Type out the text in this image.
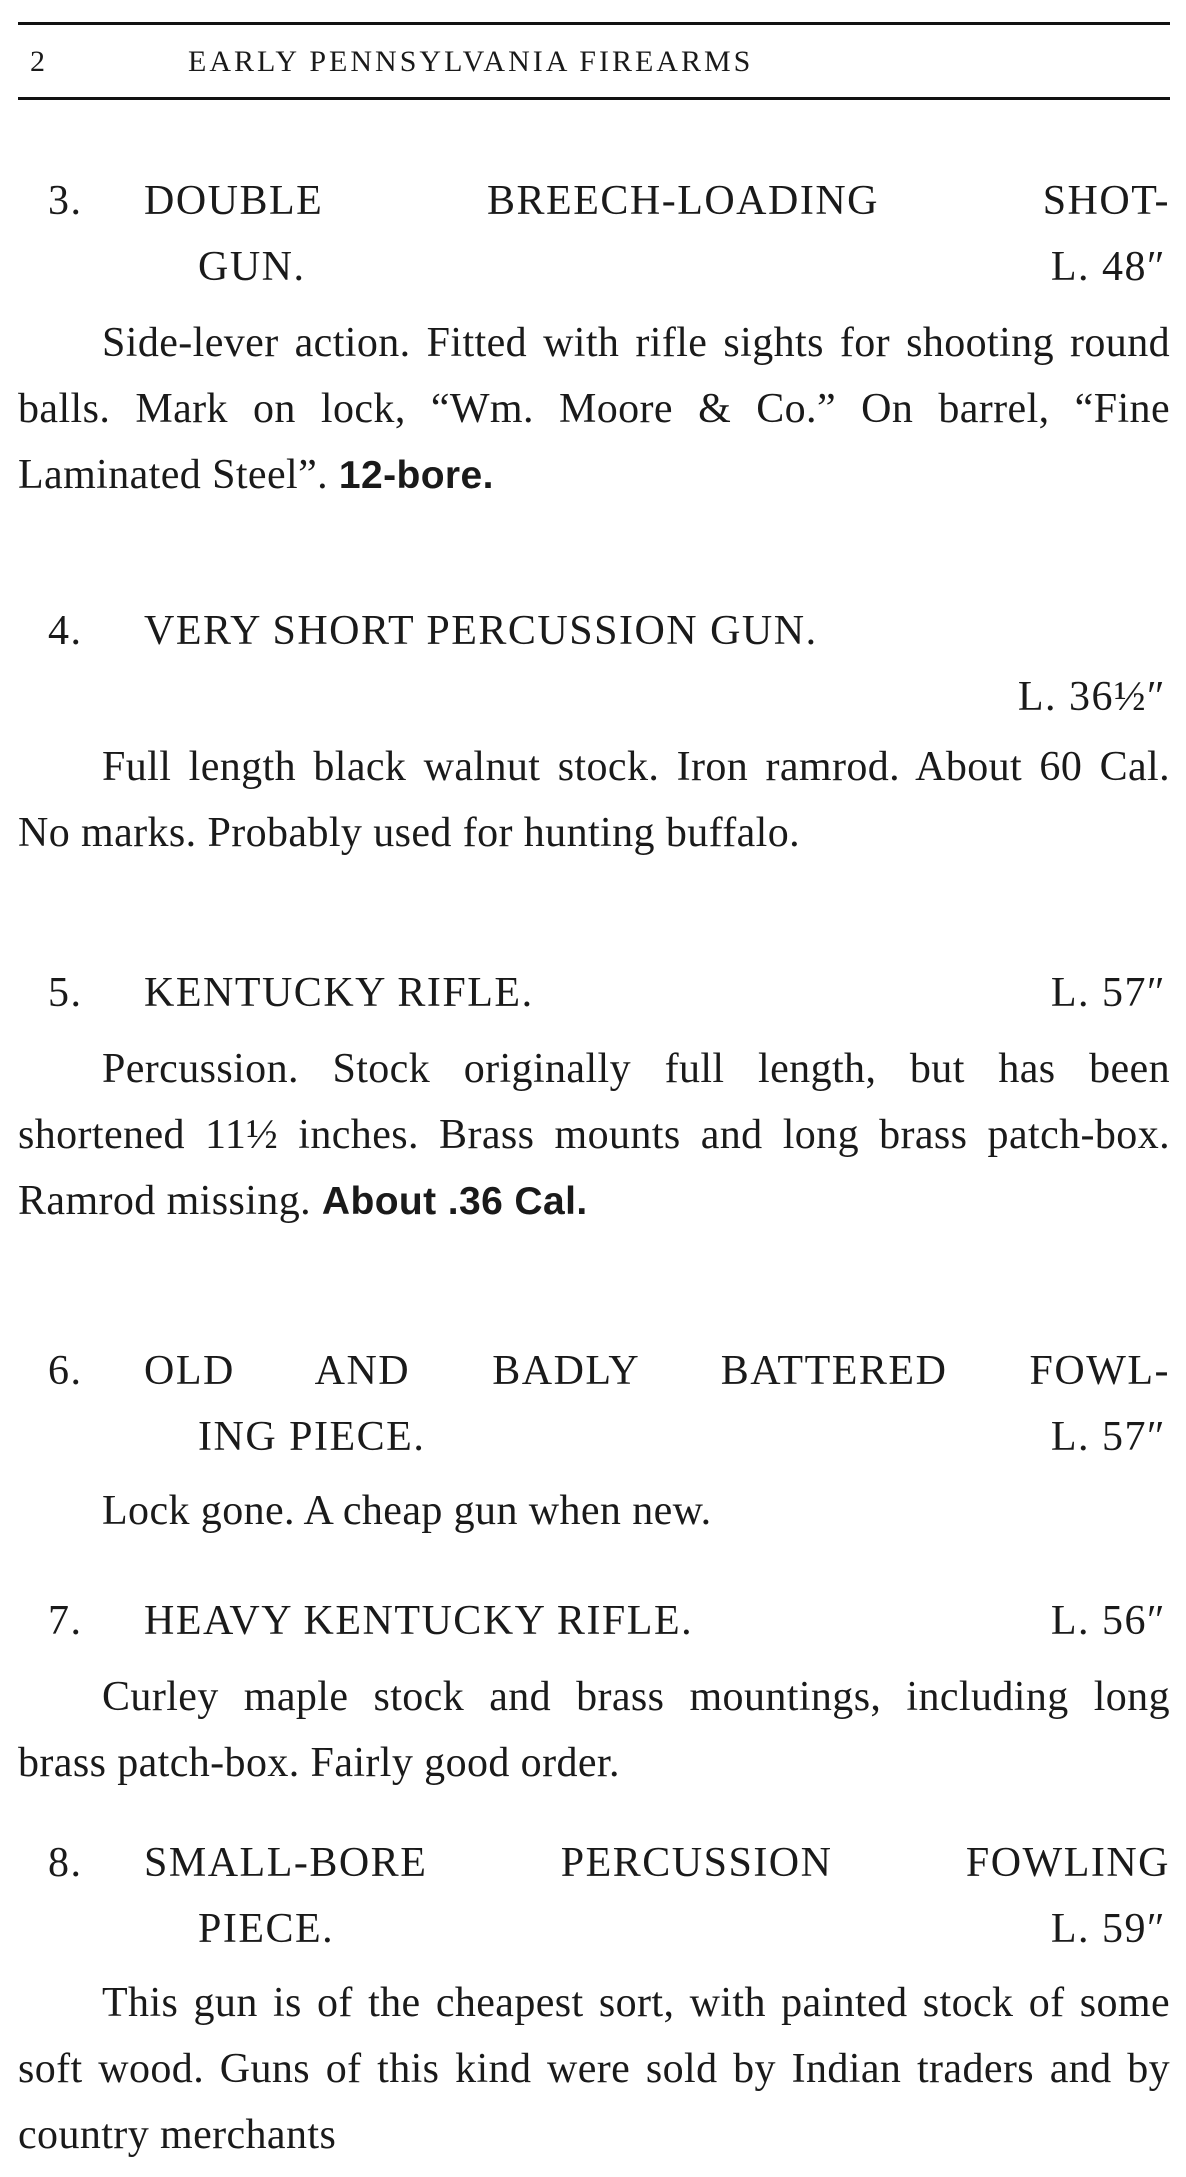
2	EARLY PENNSYLVANIA FIREARMS
3. DOUBLE BREECH-LOADING SHOT-
GUN.	L. 48″

Side-lever action. Fitted with rifle sights for shooting round balls. Mark on lock, “Wm. Moore & Co.” On barrel, “Fine Laminated Steel”. 12-bore.

4. VERY SHORT PERCUSSION GUN.
L. 36½″

Full length black walnut stock. Iron ramrod. About 60 Cal. No marks. Probably used for hunting buffalo.

5. KENTUCKY RIFLE.	L. 57″

Percussion. Stock originally full length, but has been shortened 11½ inches. Brass mounts and long brass patch-box. Ramrod missing. About .36 Cal.

6. OLD AND BADLY BATTERED FOWL-
ING PIECE.	L. 57″

Lock gone. A cheap gun when new.

7. HEAVY KENTUCKY RIFLE.	L. 56″

Curley maple stock and brass mountings, including long brass patch-box. Fairly good order.

8. SMALL-BORE PERCUSSION FOWLING
PIECE.	L. 59″

This gun is of the cheapest sort, with painted stock of some soft wood. Guns of this kind were sold by Indian traders and by country merchants
